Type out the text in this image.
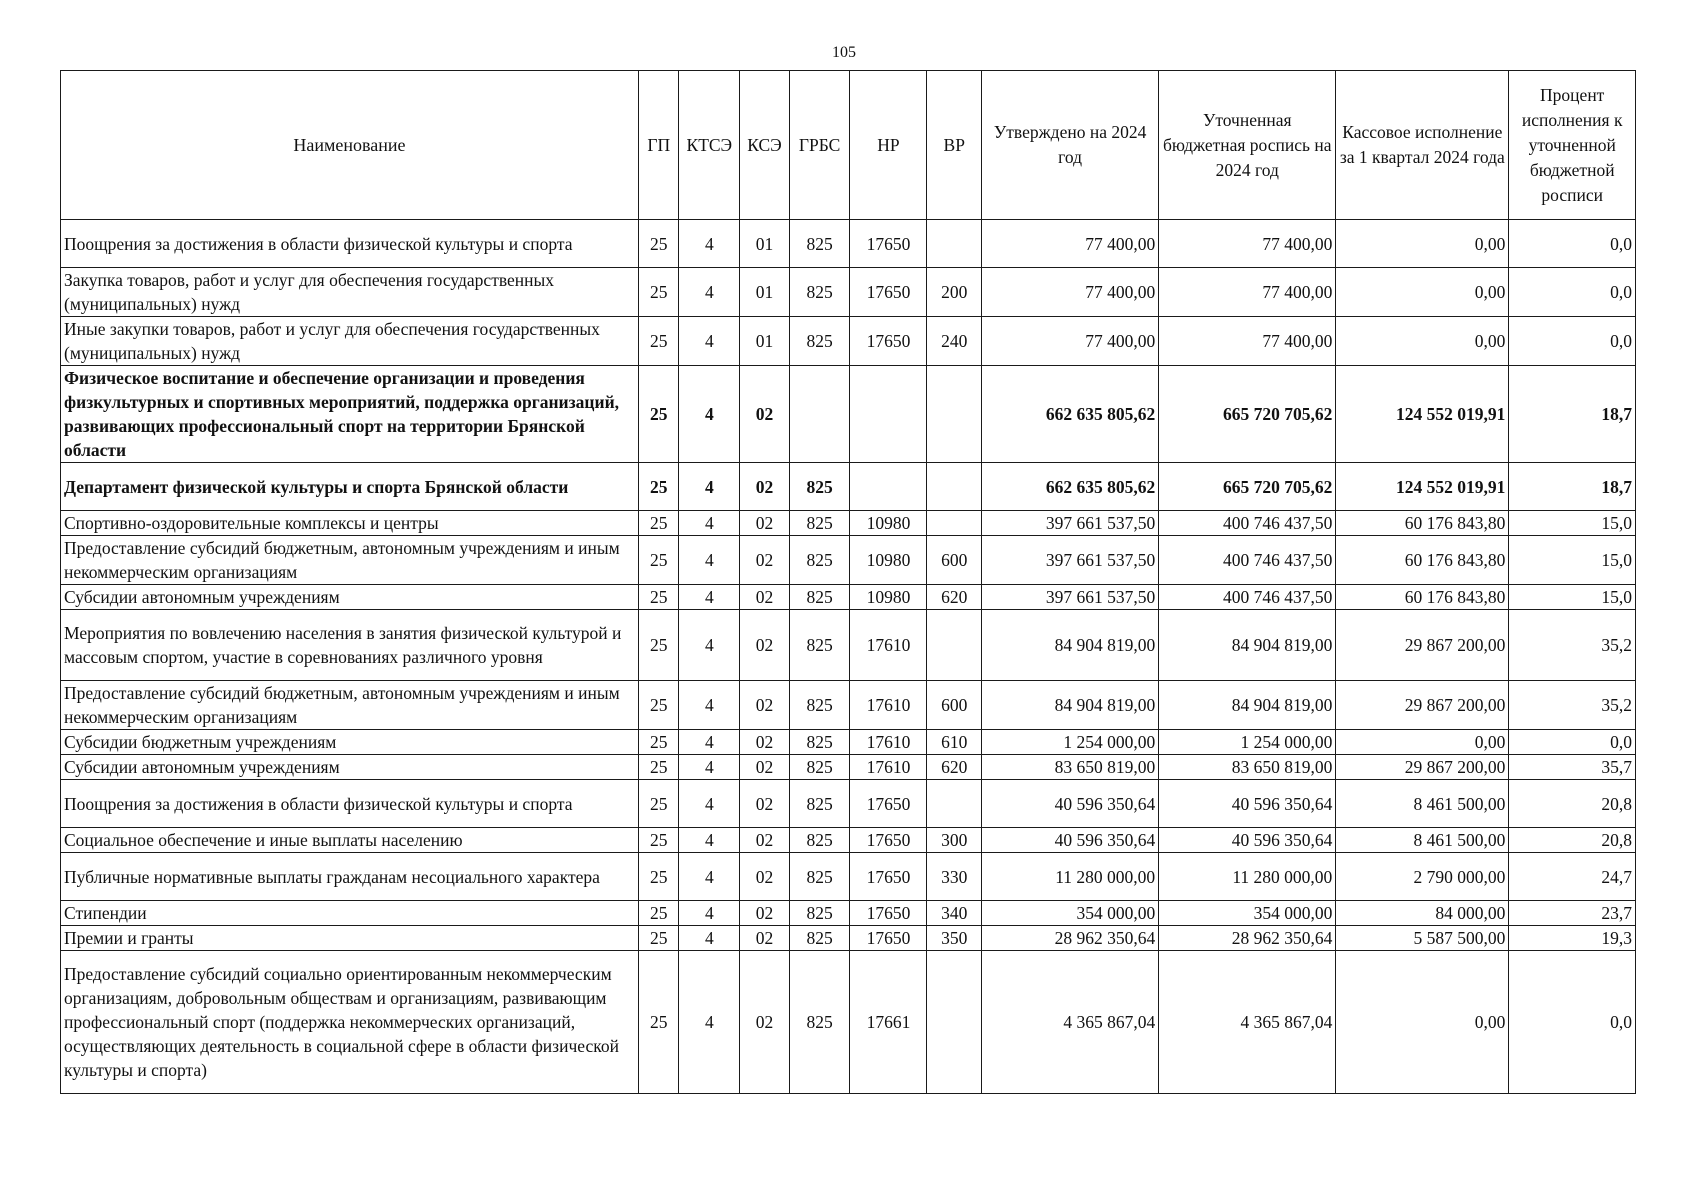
105
Наименование	ГП	КТСЭ	КСЭ	ГРБС	НР	ВР	Утверждено на 2024 год	Уточненная бюджетная роспись на 2024 год	Кассовое исполнение за 1 квартал 2024 года	Процент исполнения к уточненной бюджетной росписи
Поощрения за достижения в области физической культуры и спорта	25	4	01	825	17650		77 400,00	77 400,00	0,00	0,0
Закупка товаров, работ и услуг для обеспечения государственных (муниципальных) нужд	25	4	01	825	17650	200	77 400,00	77 400,00	0,00	0,0
Иные закупки товаров, работ и услуг для обеспечения государственных (муниципальных) нужд	25	4	01	825	17650	240	77 400,00	77 400,00	0,00	0,0
Физическое воспитание и обеспечение организации и проведения физкультурных и спортивных мероприятий, поддержка организаций, развивающих профессиональный спорт на территории Брянской области	25	4	02				662 635 805,62	665 720 705,62	124 552 019,91	18,7
Департамент физической культуры и спорта Брянской области	25	4	02	825			662 635 805,62	665 720 705,62	124 552 019,91	18,7
Спортивно-оздоровительные комплексы и центры	25	4	02	825	10980		397 661 537,50	400 746 437,50	60 176 843,80	15,0
Предоставление субсидий бюджетным, автономным учреждениям и иным некоммерческим организациям	25	4	02	825	10980	600	397 661 537,50	400 746 437,50	60 176 843,80	15,0
Субсидии автономным учреждениям	25	4	02	825	10980	620	397 661 537,50	400 746 437,50	60 176 843,80	15,0
Мероприятия по вовлечению населения в занятия физической культурой и массовым спортом, участие в соревнованиях различного уровня	25	4	02	825	17610		84 904 819,00	84 904 819,00	29 867 200,00	35,2
Предоставление субсидий бюджетным, автономным учреждениям и иным некоммерческим организациям	25	4	02	825	17610	600	84 904 819,00	84 904 819,00	29 867 200,00	35,2
Субсидии бюджетным учреждениям	25	4	02	825	17610	610	1 254 000,00	1 254 000,00	0,00	0,0
Субсидии автономным учреждениям	25	4	02	825	17610	620	83 650 819,00	83 650 819,00	29 867 200,00	35,7
Поощрения за достижения в области физической культуры и спорта	25	4	02	825	17650		40 596 350,64	40 596 350,64	8 461 500,00	20,8
Социальное обеспечение и иные выплаты населению	25	4	02	825	17650	300	40 596 350,64	40 596 350,64	8 461 500,00	20,8
Публичные нормативные выплаты гражданам несоциального характера	25	4	02	825	17650	330	11 280 000,00	11 280 000,00	2 790 000,00	24,7
Стипендии	25	4	02	825	17650	340	354 000,00	354 000,00	84 000,00	23,7
Премии и гранты	25	4	02	825	17650	350	28 962 350,64	28 962 350,64	5 587 500,00	19,3
Предоставление субсидий социально ориентированным некоммерческим организациям, добровольным обществам и организациям, развивающим профессиональный спорт (поддержка некоммерческих организаций, осуществляющих деятельность в социальной сфере в области физической культуры и спорта)	25	4	02	825	17661		4 365 867,04	4 365 867,04	0,00	0,0
